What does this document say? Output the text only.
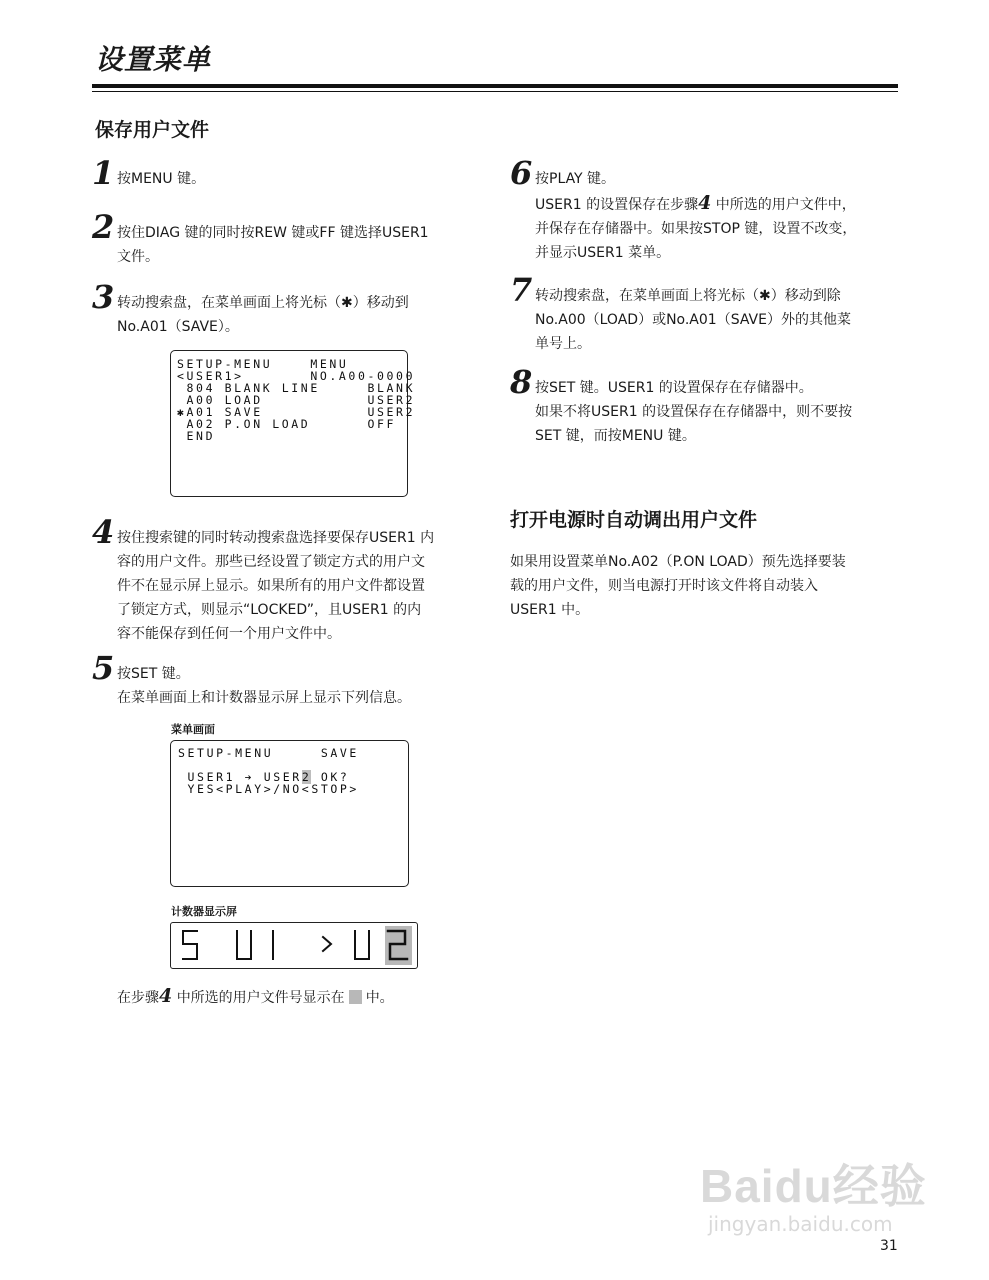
设置菜单
保存用户文件
1 按MENU 键。

2 按住DIAG 键的同时按REW 键或FF 键选择USER1

文件。

3 转动搜索盘，在菜单画面上将光标（✱）移动到

No.A01（SAVE）。

SETUP-MENU    MENU
<USER1>       NO.A00-0000
804 BLANK LINE     BLANK
A00 LOAD           USER2
✱A01 SAVE           USER2
A02 P.ON LOAD      OFF
END
4 按住搜索键的同时转动搜索盘选择要保存USER1 内

容的用户文件。那些已经设置了锁定方式的用户文

件不在显示屏上显示。如果所有的用户文件都设置

了锁定方式，则显示“LOCKED”，且USER1 的内

容不能保存到任何一个用户文件中。

5 按SET 键。

在菜单画面上和计数器显示屏上显示下列信息。

菜单画面
SETUP-MENU     SAVE

USER1 ➔ USER2 OK?
YES<PLAY>/NO<STOP>
计数器显示屏

在步骤4 中所选的用户文件号显示在 中。

6 按PLAY 键。

USER1 的设置保存在步骤4 中所选的用户文件中，

并保存在存储器中。如果按STOP 键，设置不改变，

并显示USER1 菜单。

7 转动搜索盘，在菜单画面上将光标（✱）移动到除

No.A00（LOAD）或No.A01（SAVE）外的其他菜

单号上。

8 按SET 键。USER1 的设置保存在存储器中。

如果不将USER1 的设置保存在存储器中，则不要按

SET 键，而按MENU 键。

打开电源时自动调出用户文件

如果用设置菜单No.A02（P.ON LOAD）预先选择要装

载的用户文件，则当电源打开时该文件将自动装入

USER1 中。

Baidu经验
jingyan.baidu.com
31
